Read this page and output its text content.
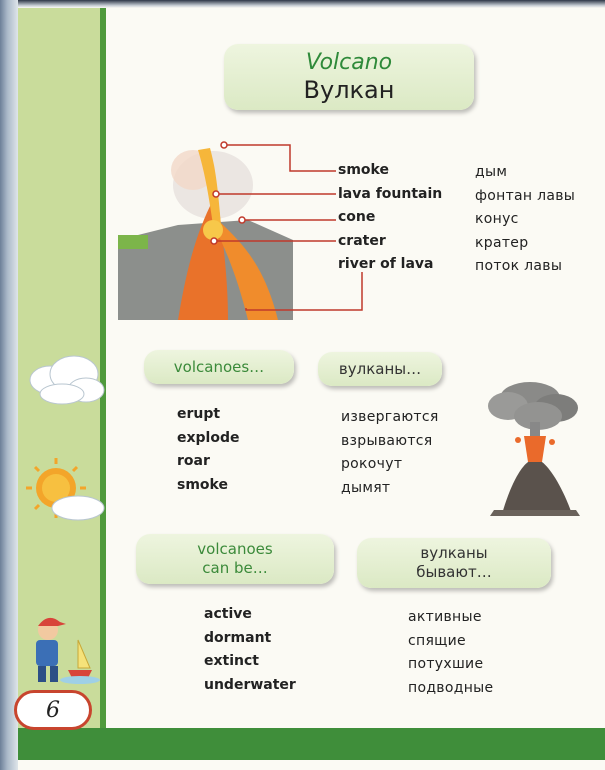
6
Volcano
Вулкан
smoke
lava fountain
cone
crater
river of lava
дым
фонтан лавы
конус
кратер
поток лавы
volcanoes…	вулканы…
erupt
explode
roar
smoke
извергаются
взрываются
рокочут
дымят
volcanoes
can be…
вулканы
бывают…
active
dormant
extinct
underwater
активные
спящие
потухшие
подводные
